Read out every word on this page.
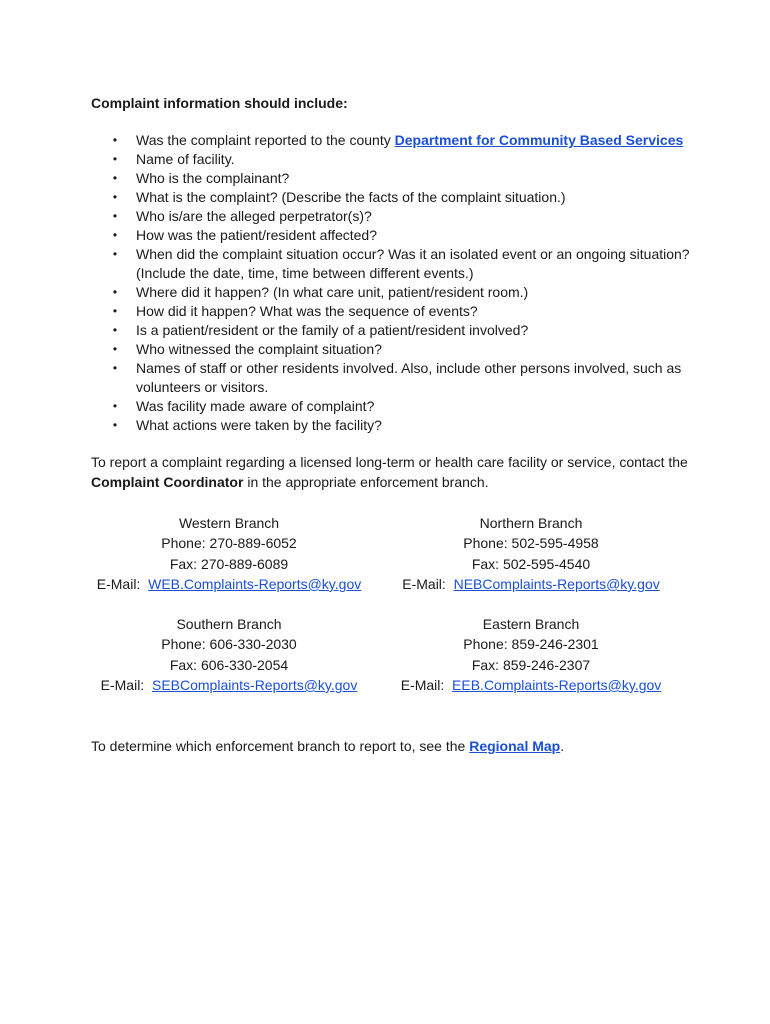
Complaint information should include:
• Was the complaint reported to the county Department for Community Based Services
• Name of facility.
• Who is the complainant?
• What is the complaint? (Describe the facts of the complaint situation.)
• Who is/are the alleged perpetrator(s)?
• How was the patient/resident affected?
• When did the complaint situation occur? Was it an isolated event or an ongoing situation? (Include the date, time, time between different events.)
• Where did it happen? (In what care unit, patient/resident room.)
• How did it happen? What was the sequence of events?
• Is a patient/resident or the family of a patient/resident involved?
• Who witnessed the complaint situation?
• Names of staff or other residents involved. Also, include other persons involved, such as volunteers or visitors.
• Was facility made aware of complaint?
• What actions were taken by the facility?
To report a complaint regarding a licensed long-term or health care facility or service, contact the Complaint Coordinator in the appropriate enforcement branch.
Western Branch
Phone: 270-889-6052
Fax: 270-889-6089
E-Mail: WEB.Complaints-Reports@ky.gov
Northern Branch
Phone: 502-595-4958
Fax: 502-595-4540
E-Mail: NEBComplaints-Reports@ky.gov
Southern Branch
Phone: 606-330-2030
Fax: 606-330-2054
E-Mail: SEBComplaints-Reports@ky.gov
Eastern Branch
Phone: 859-246-2301
Fax: 859-246-2307
E-Mail: EEB.Complaints-Reports@ky.gov
To determine which enforcement branch to report to, see the Regional Map.
